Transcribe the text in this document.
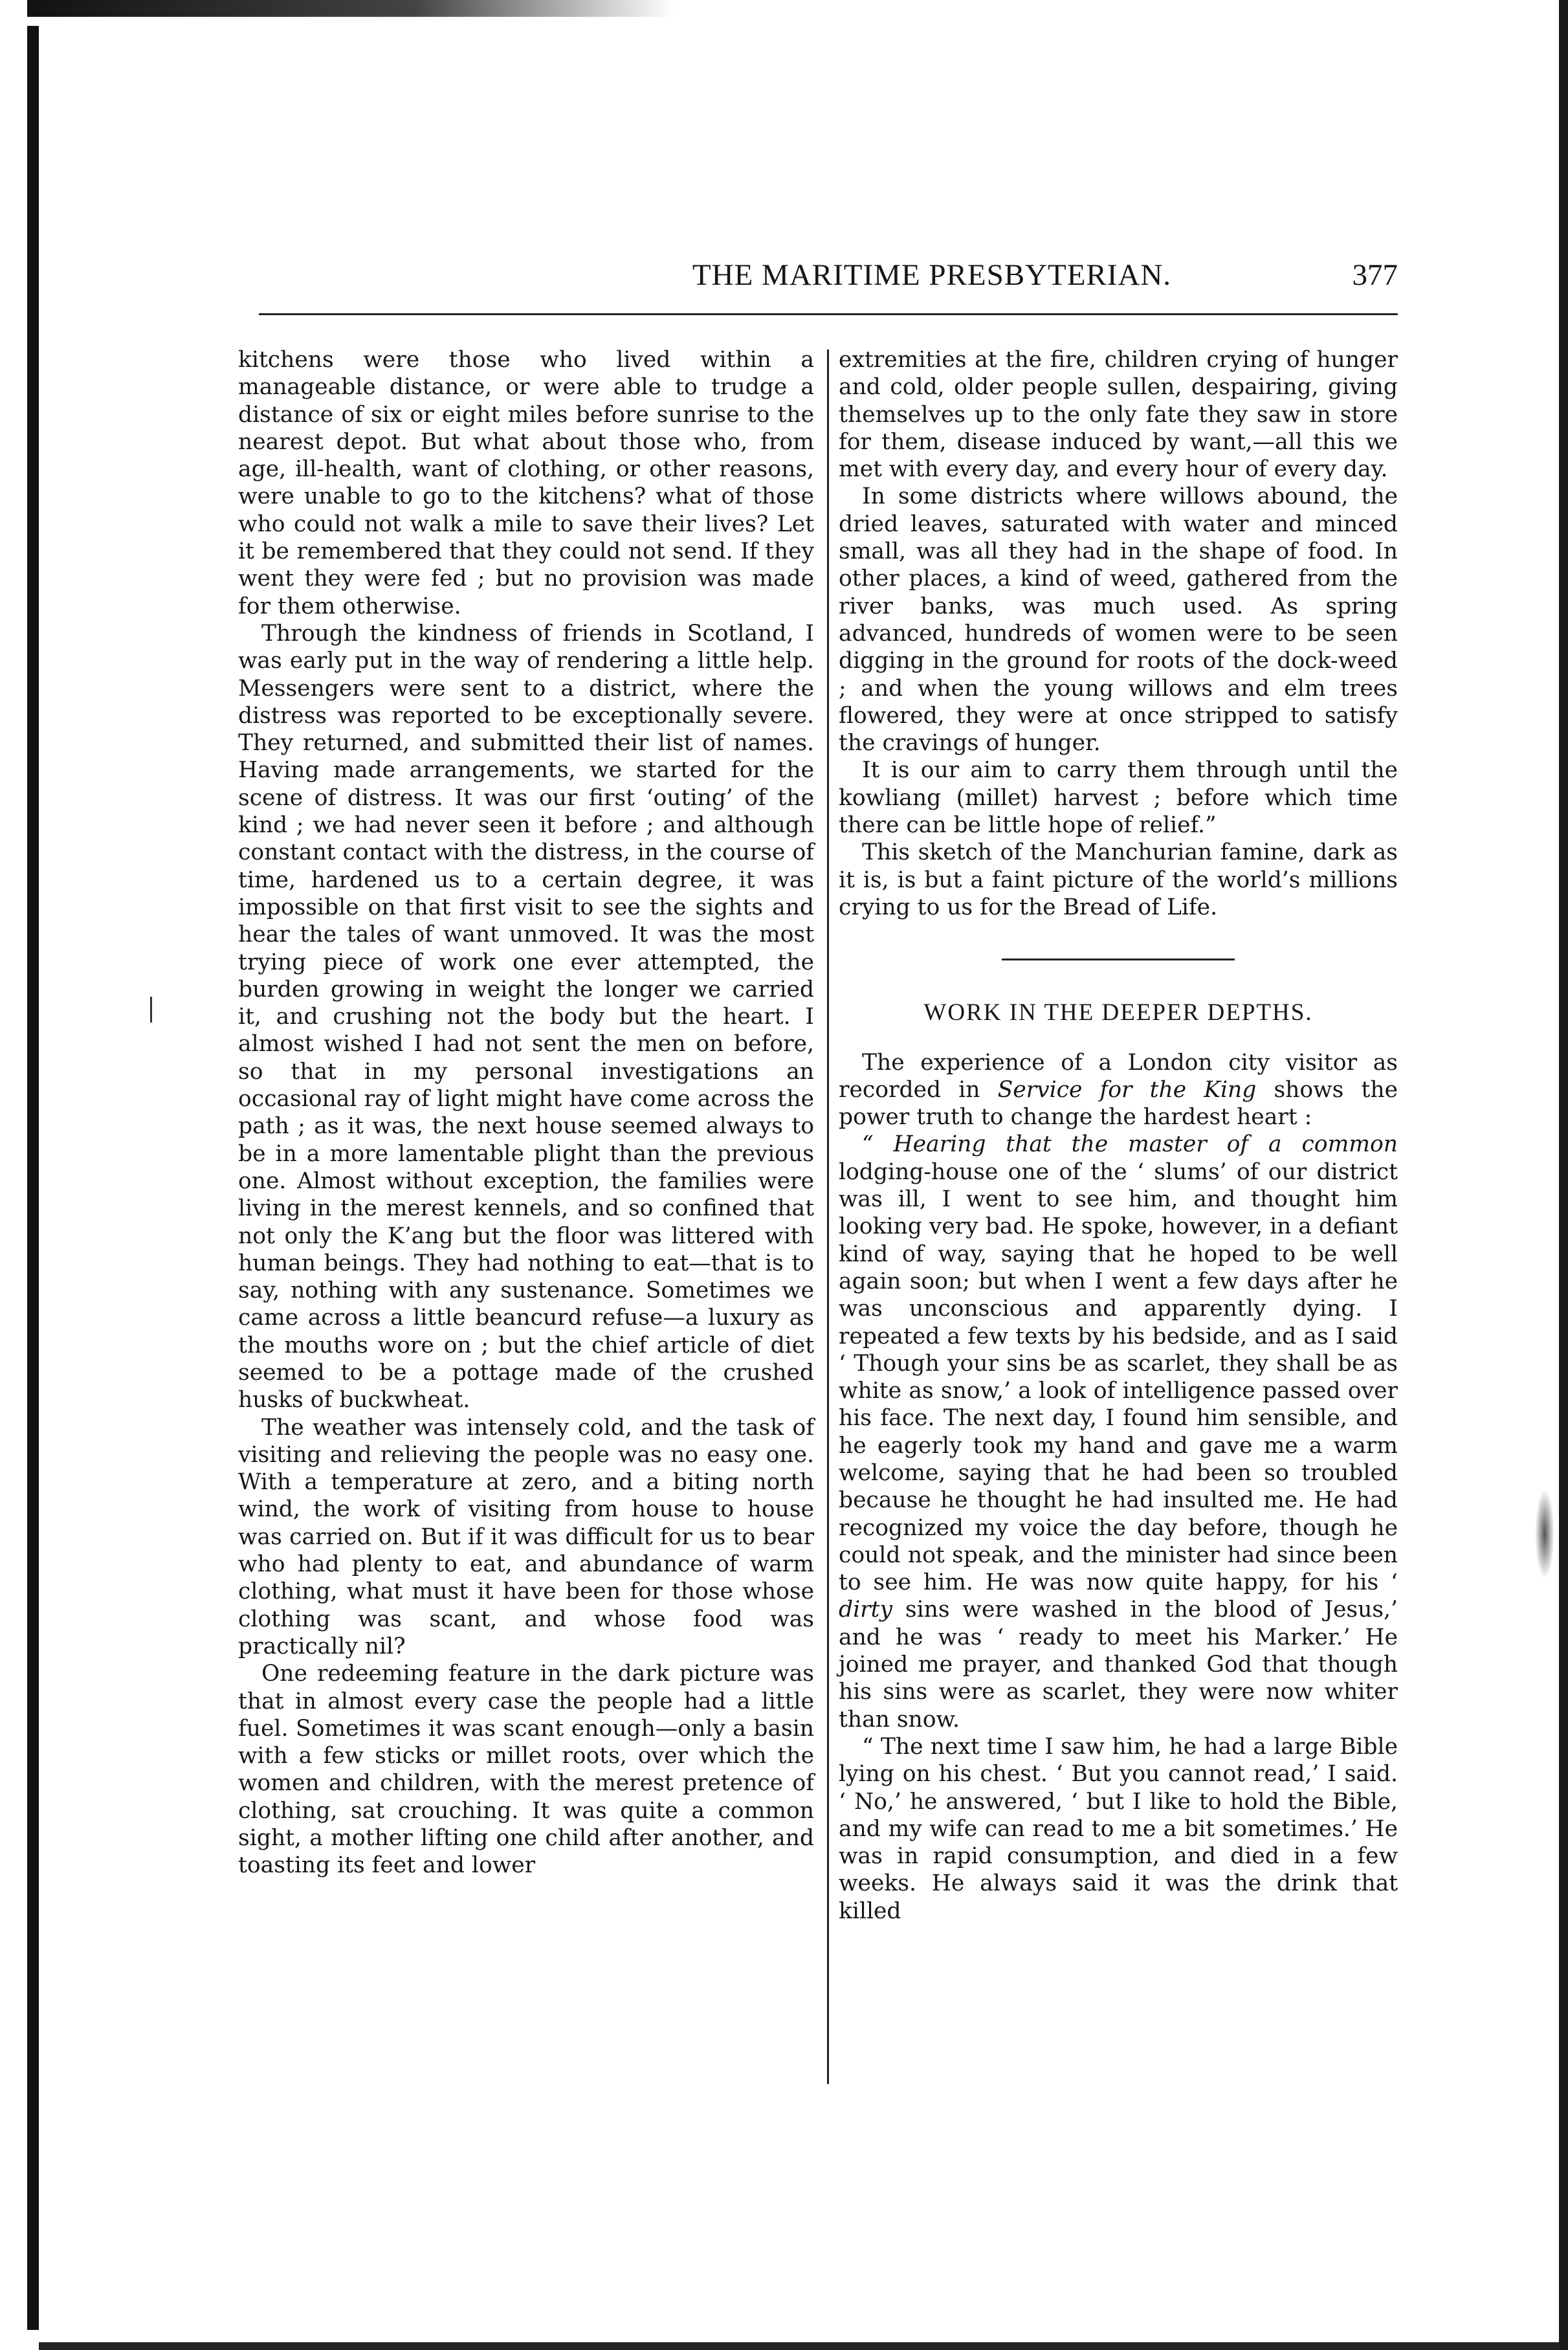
THE MARITIME PRESBYTERIAN.	377

kitchens were those who lived within a manageable distance, or were able to trudge a distance of six or eight miles before sunrise to the nearest depot. But what about those who, from age, ill-health, want of clothing, or other reasons, were unable to go to the kitchens? what of those who could not walk a mile to save their lives? Let it be remembered that they could not send. If they went they were fed ; but no provision was made for them otherwise.

Through the kindness of friends in Scotland, I was early put in the way of rendering a little help. Messengers were sent to a district, where the distress was reported to be exceptionally severe. They returned, and submitted their list of names. Having made arrangements, we started for the scene of distress. It was our first ‘outing’ of the kind ; we had never seen it before ; and although constant contact with the distress, in the course of time, hardened us to a certain degree, it was impossible on that first visit to see the sights and hear the tales of want unmoved. It was the most trying piece of work one ever attempted, the burden growing in weight the longer we carried it, and crushing not the body but the heart. I almost wished I had not sent the men on before, so that in my personal investigations an occasional ray of light might have come across the path ; as it was, the next house seemed always to be in a more lamentable plight than the previous one. Almost without exception, the families were living in the merest kennels, and so confined that not only the K’ang but the floor was littered with human beings. They had nothing to eat—that is to say, nothing with any sustenance. Sometimes we came across a little beancurd refuse—a luxury as the mouths wore on ; but the chief article of diet seemed to be a pottage made of the crushed husks of buckwheat.

The weather was intensely cold, and the task of visiting and relieving the people was no easy one. With a temperature at zero, and a biting north wind, the work of visiting from house to house was carried on. But if it was difficult for us to bear who had plenty to eat, and abundance of warm clothing, what must it have been for those whose clothing was scant, and whose food was practically nil?

One redeeming feature in the dark picture was that in almost every case the people had a little fuel. Sometimes it was scant enough—only a basin with a few sticks or millet roots, over which the women and children, with the merest pretence of clothing, sat crouching. It was quite a common sight, a mother lifting one child after another, and toasting its feet and lower

extremities at the fire, children crying of hunger and cold, older people sullen, despairing, giving themselves up to the only fate they saw in store for them, disease induced by want,—all this we met with every day, and every hour of every day.

In some districts where willows abound, the dried leaves, saturated with water and minced small, was all they had in the shape of food. In other places, a kind of weed, gathered from the river banks, was much used. As spring advanced, hundreds of women were to be seen digging in the ground for roots of the dock-weed ; and when the young willows and elm trees flowered, they were at once stripped to satisfy the cravings of hunger.

It is our aim to carry them through until the kowliang (millet) harvest ; before which time there can be little hope of relief.”

This sketch of the Manchurian famine, dark as it is, is but a faint picture of the world’s millions crying to us for the Bread of Life.

WORK IN THE DEEPER DEPTHS.

The experience of a London city visitor as recorded in Service for the King shows the power truth to change the hardest heart :

“ Hearing that the master of a common lodging-house one of the ‘ slums’ of our district was ill, I went to see him, and thought him looking very bad. He spoke, however, in a defiant kind of way, saying that he hoped to be well again soon; but when I went a few days after he was unconscious and apparently dying. I repeated a few texts by his bedside, and as I said ‘ Though your sins be as scarlet, they shall be as white as snow,’ a look of intelligence passed over his face. The next day, I found him sensible, and he eagerly took my hand and gave me a warm welcome, saying that he had been so troubled because he thought he had insulted me. He had recognized my voice the day before, though he could not speak, and the minister had since been to see him. He was now quite happy, for his ‘ dirty sins were washed in the blood of Jesus,’ and he was ‘ ready to meet his Marker.’ He joined me prayer, and thanked God that though his sins were as scarlet, they were now whiter than snow.

“ The next time I saw him, he had a large Bible lying on his chest. ‘ But you cannot read,’ I said. ‘ No,’ he answered, ‘ but I like to hold the Bible, and my wife can read to me a bit sometimes.’ He was in rapid consumption, and died in a few weeks. He always said it was the drink that killed
